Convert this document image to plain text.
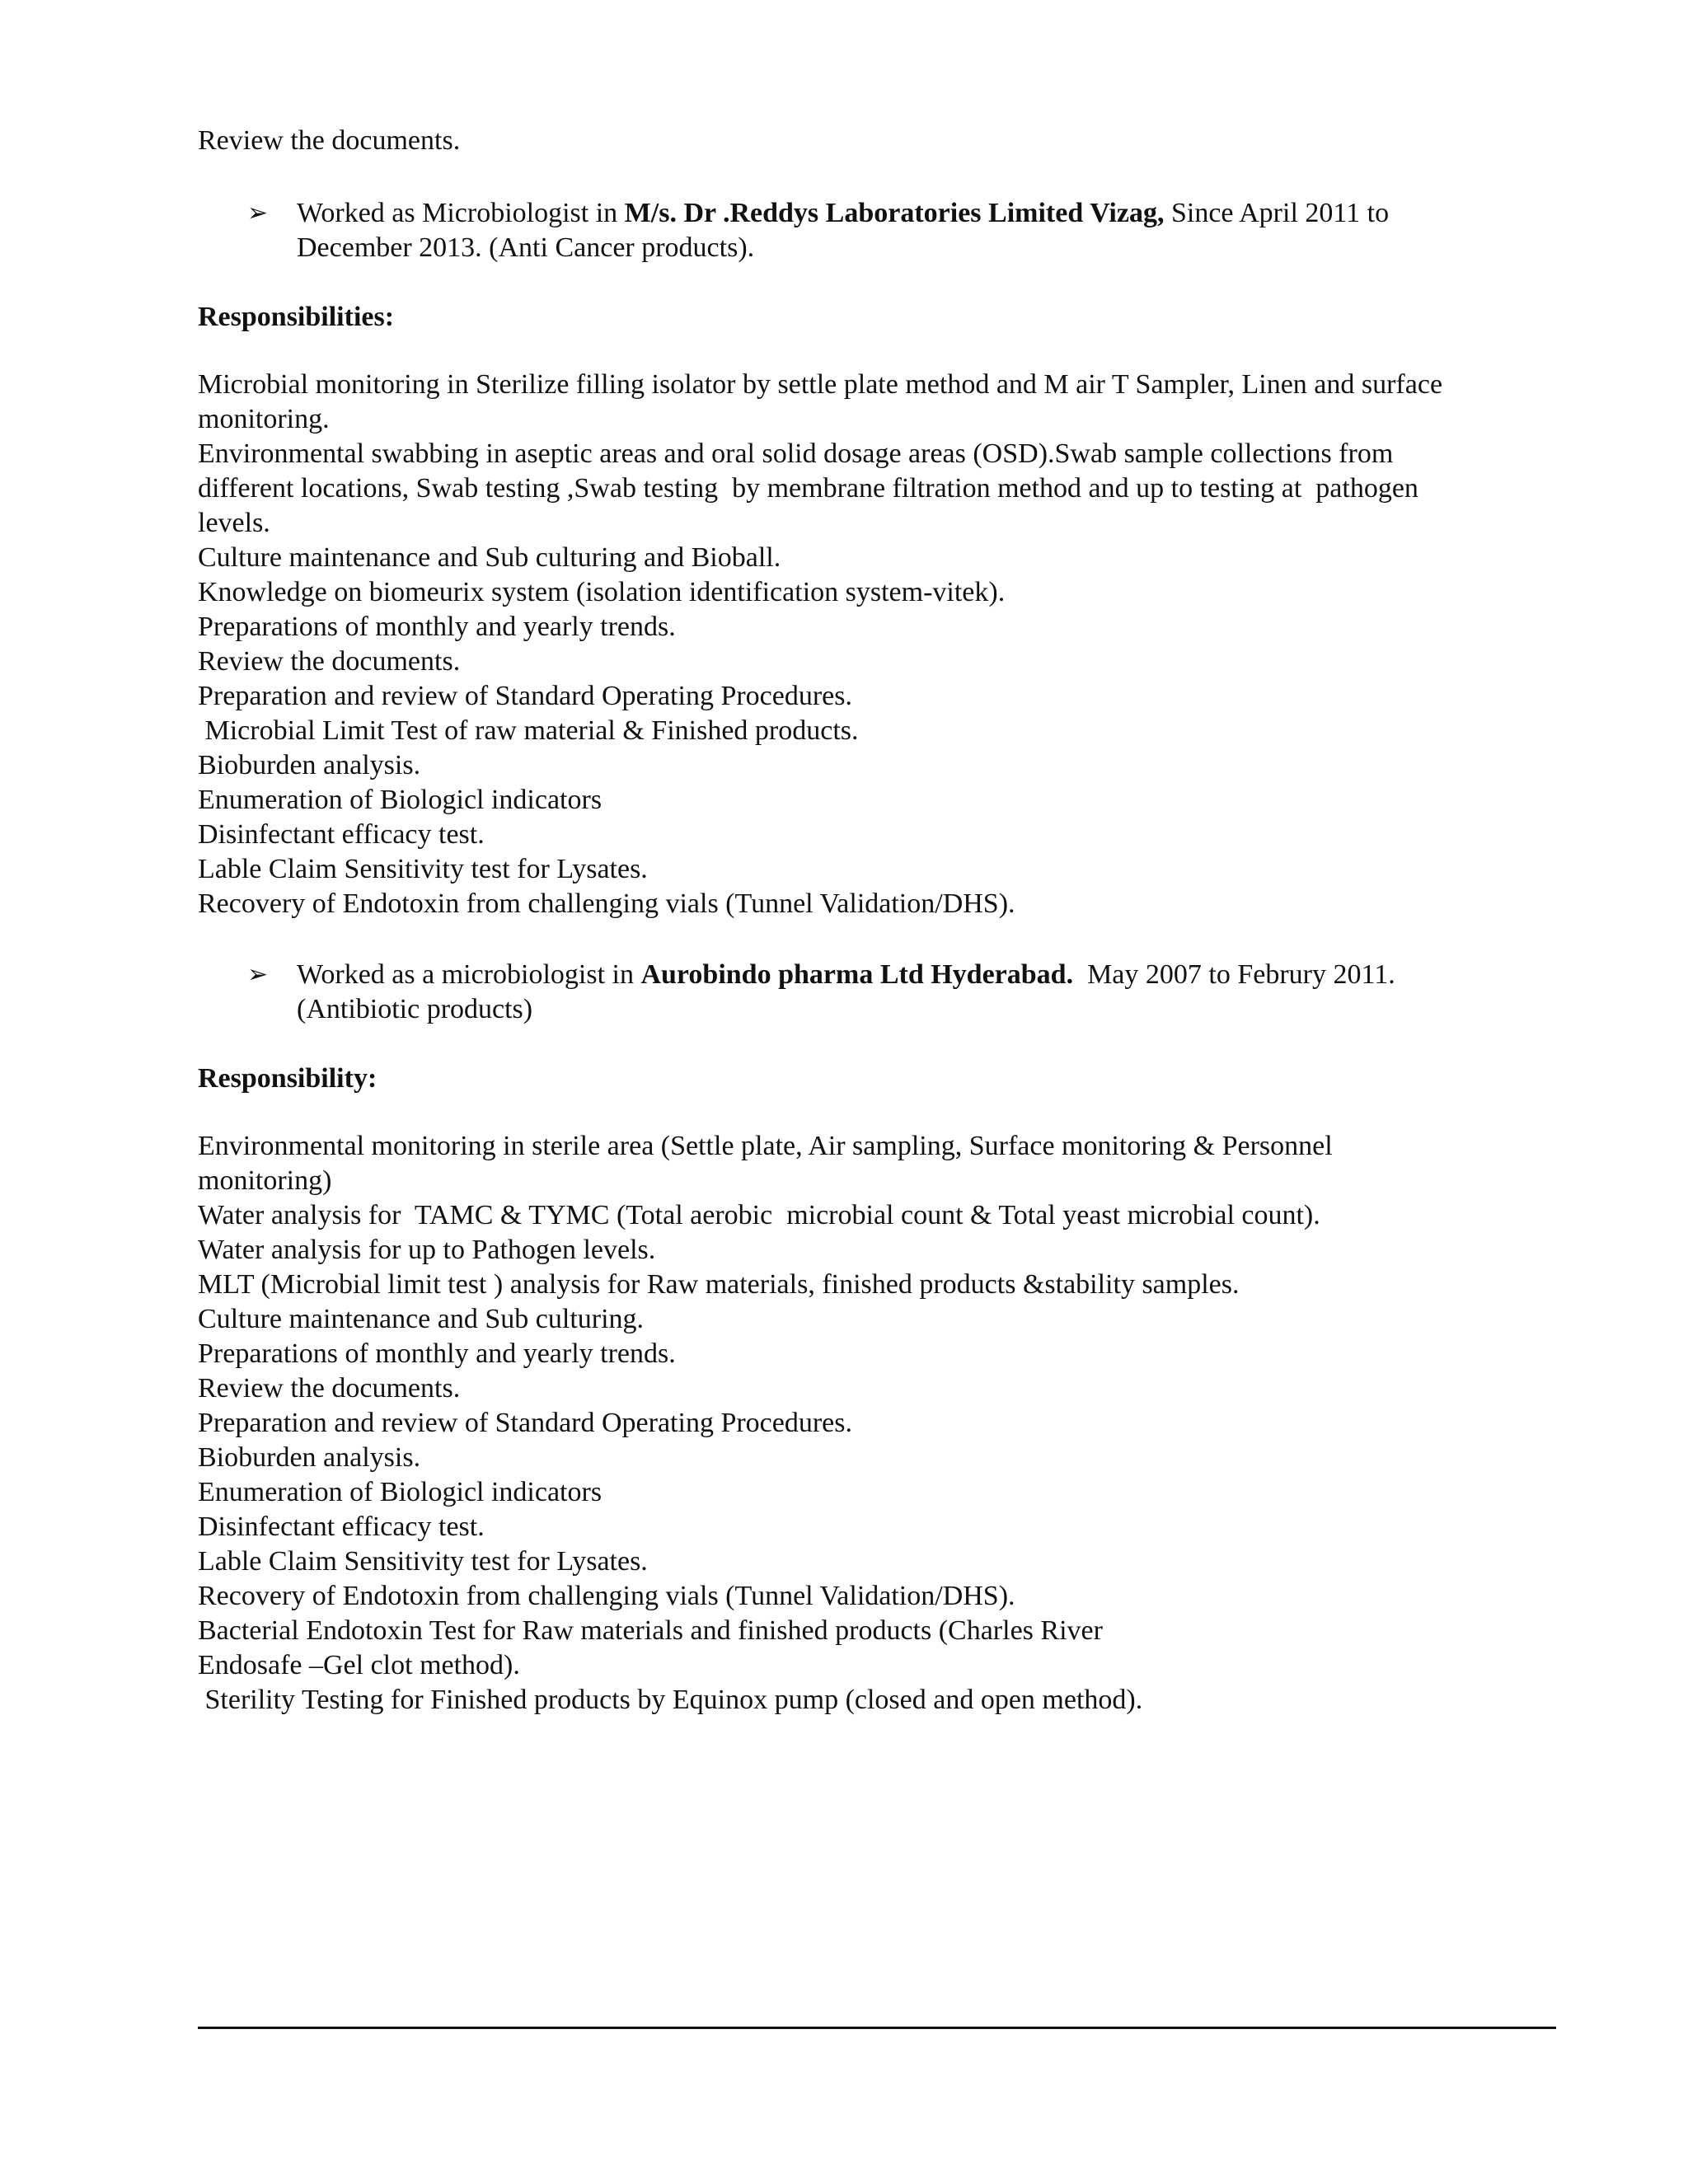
Review the documents.
➢ Worked as Microbiologist in M/s. Dr .Reddys Laboratories Limited Vizag, Since April 2011 to
December 2013. (Anti Cancer products).
Responsibilities:
Microbial monitoring in Sterilize filling isolator by settle plate method and M air T Sampler, Linen and surface
monitoring.
Environmental swabbing in aseptic areas and oral solid dosage areas (OSD).Swab sample collections from
different locations, Swab testing ,Swab testing  by membrane filtration method and up to testing at  pathogen
levels.
Culture maintenance and Sub culturing and Bioball.
Knowledge on biomeurix system (isolation identification system-vitek).
Preparations of monthly and yearly trends.
Review the documents.
Preparation and review of Standard Operating Procedures.
Microbial Limit Test of raw material & Finished products.
Bioburden analysis.
Enumeration of Biologicl indicators
Disinfectant efficacy test.
Lable Claim Sensitivity test for Lysates.
Recovery of Endotoxin from challenging vials (Tunnel Validation/DHS).
➢ Worked as a microbiologist in Aurobindo pharma Ltd Hyderabad.  May 2007 to Februry 2011.
(Antibiotic products)
Responsibility:
Environmental monitoring in sterile area (Settle plate, Air sampling, Surface monitoring & Personnel
monitoring)
Water analysis for  TAMC & TYMC (Total aerobic  microbial count & Total yeast microbial count).
Water analysis for up to Pathogen levels.
MLT (Microbial limit test ) analysis for Raw materials, finished products &stability samples.
Culture maintenance and Sub culturing.
Preparations of monthly and yearly trends.
Review the documents.
Preparation and review of Standard Operating Procedures.
Bioburden analysis.
Enumeration of Biologicl indicators
Disinfectant efficacy test.
Lable Claim Sensitivity test for Lysates.
Recovery of Endotoxin from challenging vials (Tunnel Validation/DHS).
Bacterial Endotoxin Test for Raw materials and finished products (Charles River
Endosafe –Gel clot method).
Sterility Testing for Finished products by Equinox pump (closed and open method).
